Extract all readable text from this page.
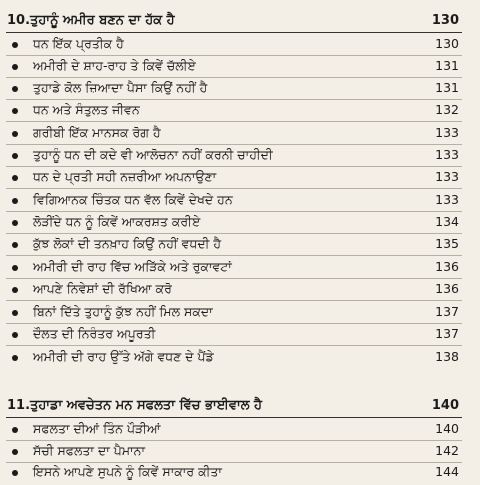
10. ਤੁਹਾਨੂੰ ਅਮੀਰ ਬਣਨ ਦਾ ਹੱਕ ਹੈ	130
ਧਨ ਇੱਕ ਪ੍ਰਤੀਕ ਹੈ	130
ਅਮੀਰੀ ਦੇ ਸ਼ਾਹ-ਰਾਹ ਤੇ ਕਿਵੇਂ ਚੱਲੀਏ	131
ਤੁਹਾਡੇ ਕੋਲ ਜ਼ਿਆਦਾ ਪੈਸਾ ਕਿਉਂ ਨਹੀਂ ਹੈ	131
ਧਨ ਅਤੇ ਸੰਤੁਲਤ ਜੀਵਨ	132
ਗਰੀਬੀ ਇੱਕ ਮਾਨਸਕ ਰੋਗ ਹੈ	133
ਤੁਹਾਨੂੰ ਧਨ ਦੀ ਕਦੇ ਵੀ ਆਲੋਚਨਾ ਨਹੀਂ ਕਰਨੀ ਚਾਹੀਦੀ	133
ਧਨ ਦੇ ਪ੍ਰਤੀ ਸਹੀ ਨਜ਼ਰੀਆ ਅਪਨਾਉਣਾ	133
ਵਿਗਿਆਨਕ ਚਿੰਤਕ ਧਨ ਵੱਲ ਕਿਵੇਂ ਦੇਖਦੇ ਹਨ	133
ਲੋੜੀਂਦੇ ਧਨ ਨੂੰ ਕਿਵੇਂ ਆਕਰਸ਼ਤ ਕਰੀਏ	134
ਕੁੱਝ ਲੋਕਾਂ ਦੀ ਤਨਖ਼ਾਹ ਕਿਉਂ ਨਹੀਂ ਵਧਦੀ ਹੈ	135
ਅਮੀਰੀ ਦੀ ਰਾਹ ਵਿੱਚ ਅੜਿੱਕੇ ਅਤੇ ਰੁਕਾਵਟਾਂ	136
ਆਪਣੇ ਨਿਵੇਸ਼ਾਂ ਦੀ ਰੱਖਿਆ ਕਰੋ	136
ਬਿਨਾਂ ਦਿੱਤੇ ਤੁਹਾਨੂੰ ਕੁੱਝ ਨਹੀਂ ਮਿਲ ਸਕਦਾ	137
ਦੌਲਤ ਦੀ ਨਿਰੰਤਰ ਅਪੂਰਤੀ	137
ਅਮੀਰੀ ਦੀ ਰਾਹ ਉੱਤੇ ਅੱਗੇ ਵਧਣ ਦੇ ਪੈਂਡੇ	138
11. ਤੁਹਾਡਾ ਅਵਚੇਤਨ ਮਨ ਸਫਲਤਾ ਵਿੱਚ ਭਾਈਵਾਲ ਹੈ	140
ਸਫਲਤਾ ਦੀਆਂ ਤਿੰਨ ਪੌੜੀਆਂ	140
ਸੱਚੀ ਸਫਲਤਾ ਦਾ ਪੈਮਾਨਾ	142
ਇਸਨੇ ਆਪਣੇ ਸੁਪਨੇ ਨੂੰ ਕਿਵੇਂ ਸਾਕਾਰ ਕੀਤਾ	144
